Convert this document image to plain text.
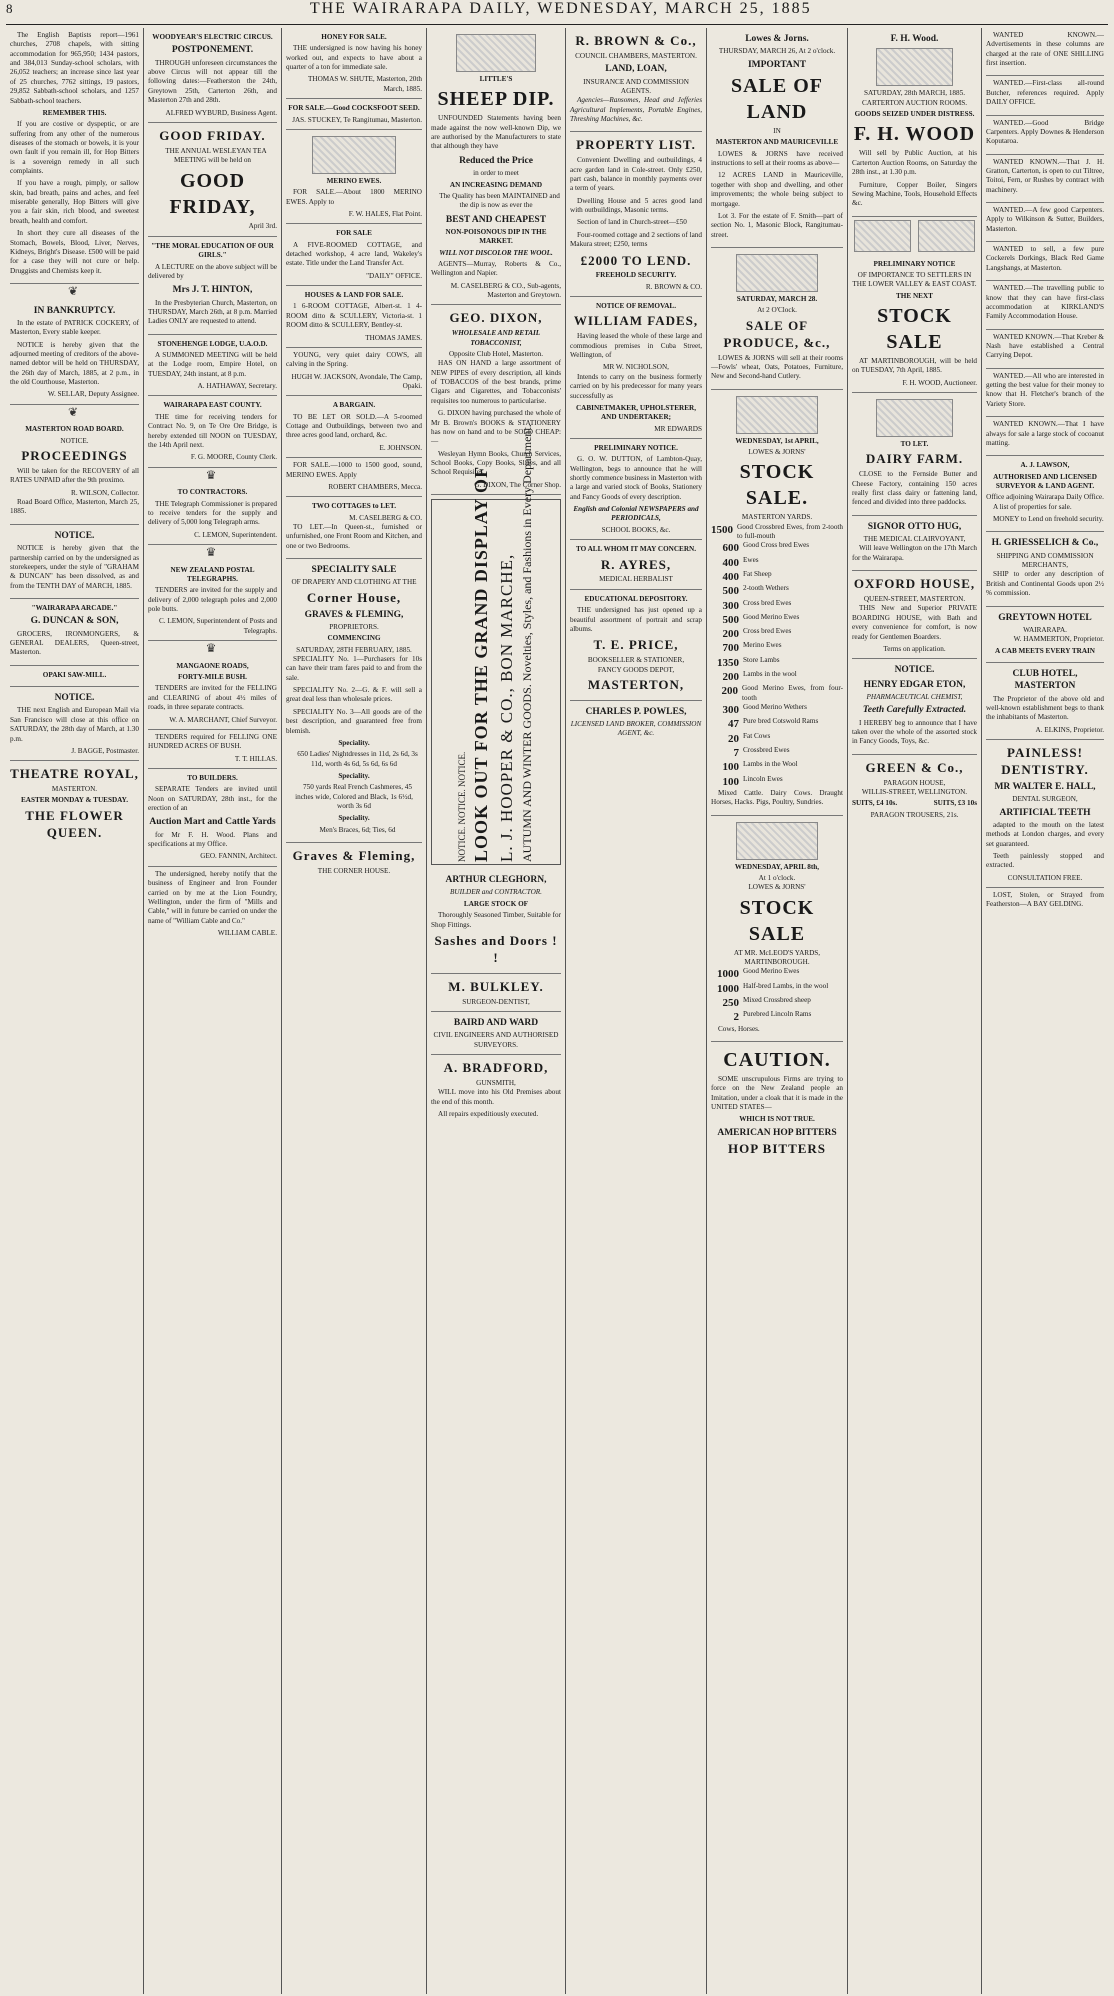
8	THE WAIRARAPA DAILY, WEDNESDAY, MARCH 25, 1885

The English Baptists report—1961 churches, 2708 chapels, with sitting accommodation for 965,950; 1434 pastors, and 384,013 Sunday-school scholars, with 26,052 teachers; an increase since last year of 25 churches, 7762 sittings, 19 pastors, 29,852 Sabbath-school scholars, and 1257 Sabbath-school teachers.

REMEMBER THIS.

If you are costive or dyspeptic, or are suffering from any other of the numerous diseases of the stomach or bowels, it is your own fault if you remain ill, for Hop Bitters is a sovereign remedy in all such complaints.

If you have a rough, pimply, or sallow skin, bad breath, pains and aches, and feel miserable generally, Hop Bitters will give you a fair skin, rich blood, and sweetest breath, health and comfort.

In short they cure all diseases of the Stomach, Bowels, Blood, Liver, Nerves, Kidneys, Bright's Disease. £500 will be paid for a case they will not cure or help. Druggists and Chemists keep it.

❦
IN BANKRUPTCY.

In the estate of PATRICK COCKERY, of Masterton, Every stable keeper.

NOTICE is hereby given that the adjourned meeting of creditors of the above-named debtor will be held on THURSDAY, the 26th day of March, 1885, at 2 p.m., in the old Courthouse, Masterton.

W. SELLAR, Deputy Assignee.
❦
MASTERTON ROAD BOARD.
NOTICE.
PROCEEDINGS

Will be taken for the RECOVERY of all RATES UNPAID after the 9th proximo.

R. WILSON, Collector.

Road Board Office, Masterton, March 25, 1885.

NOTICE.

NOTICE is hereby given that the partnership carried on by the undersigned as storekeepers, under the style of "GRAHAM & DUNCAN" has been dissolved, as and from the TENTH DAY of MARCH, 1885.

"WAIRARAPA ARCADE."
G. DUNCAN & SON,

GROCERS, IRONMONGERS, & GENERAL DEALERS, Queen-street, Masterton.

OPAKI SAW-MILL.
NOTICE.

THE next English and European Mail via San Francisco will close at this office on SATURDAY, the 28th day of March, at 1.30 p.m.

J. BAGGE, Postmaster.
THEATRE ROYAL,
MASTERTON.
EASTER MONDAY & TUESDAY.
THE FLOWER QUEEN.
WOODYEAR'S ELECTRIC CIRCUS.
POSTPONEMENT.

THROUGH unforeseen circumstances the above Circus will not appear till the following dates:—Featherston the 24th, Greytown 25th, Carterton 26th, and Masterton 27th and 28th.

ALFRED WYBURD, Business Agent.
GOOD FRIDAY.

THE ANNUAL WESLEYAN TEA MEETING will be held on

GOOD FRIDAY,
April 3rd.
"THE MORAL EDUCATION OF OUR GIRLS."

A LECTURE on the above subject will be delivered by

Mrs J. T. HINTON,

In the Presbyterian Church, Masterton, on THURSDAY, March 26th, at 8 p.m. Married Ladies ONLY are requested to attend.

STONEHENGE LODGE, U.A.O.D.

A SUMMONED MEETING will be held at the Lodge room, Empire Hotel, on TUESDAY, 24th instant, at 8 p.m.

A. HATHAWAY, Secretary.
WAIRARAPA EAST COUNTY.

THE time for receiving tenders for Contract No. 9, on Te Ore Ore Bridge, is hereby extended till NOON on TUESDAY, the 14th April next.

F. G. MOORE, County Clerk.
♛
TO CONTRACTORS.

THE Telegraph Commissioner is prepared to receive tenders for the supply and delivery of 5,000 long Telegraph arms.

C. LEMON, Superintendent.
♛
NEW ZEALAND POSTAL TELEGRAPHS.

TENDERS are invited for the supply and delivery of 2,000 telegraph poles and 2,000 pole butts.

C. LEMON, Superintendent of Posts and Telegraphs.
♛
MANGAONE ROADS,
FORTY-MILE BUSH.

TENDERS are invited for the FELLING and CLEARING of about 4½ miles of roads, in three separate contracts.

W. A. MARCHANT, Chief Surveyor.

TENDERS required for FELLING ONE HUNDRED ACRES OF BUSH.

T. T. HILLAS.
TO BUILDERS.

SEPARATE Tenders are invited until Noon on SATURDAY, 28th inst., for the erection of an

Auction Mart and Cattle Yards

for Mr F. H. Wood. Plans and specifications at my Office.

GEO. FANNIN, Architect.

The undersigned, hereby notify that the business of Engineer and Iron Founder carried on by me at the Lion Foundry, Wellington, under the firm of "Mills and Cable," will in future be carried on under the name of "William Cable and Co."

WILLIAM CABLE.
HONEY FOR SALE.

THE undersigned is now having his honey worked out, and expects to have about a quarter of a ton for immediate sale.

THOMAS W. SHUTE, Masterton, 20th March, 1885.
FOR SALE.—Good COCKSFOOT SEED.
JAS. STUCKEY, Te Rangitumau, Masterton.
MERINO EWES.

FOR SALE.—About 1800 MERINO EWES. Apply to

F. W. HALES, Flat Point.
FOR SALE

A FIVE-ROOMED COTTAGE, and detached workshop, 4 acre land, Wakeley's estate. Title under the Land Transfer Act.

"DAILY" OFFICE.
HOUSES & LAND FOR SALE.

1 6-ROOM COTTAGE, Albert-st. 1 4-ROOM ditto & SCULLERY, Victoria-st. 1 ROOM ditto & SCULLERY, Bentley-st.

THOMAS JAMES.

YOUNG, very quiet dairy COWS, all calving in the Spring.

HUGH W. JACKSON, Avondale, The Camp, Opaki.
A BARGAIN.

TO BE LET OR SOLD.—A 5-roomed Cottage and Outbuildings, between two and three acres good land, orchard, &c.

E. JOHNSON.

FOR SALE.—1000 to 1500 good, sound, MERINO EWES. Apply

ROBERT CHAMBERS, Mecca.
TWO COTTAGES to LET.
M. CASELBERG & CO.

TO LET.—In Queen-st., furnished or unfurnished, one Front Room and Kitchen, and one or two Bedrooms.

SPECIALITY SALE
OF DRAPERY AND CLOTHING AT THE
Corner House,
GRAVES & FLEMING,
PROPRIETORS.
COMMENCING
SATURDAY, 28TH FEBRUARY, 1885.

SPECIALITY No. 1—Purchasers for 10s can have their tram fares paid to and from the sale.

SPECIALITY No. 2—G. & F. will sell a great deal less than wholesale prices.

SPECIALITY No. 3—All goods are of the best description, and guaranteed free from blemish.

Speciality.

650 Ladies' Nightdresses in 11d, 2s 6d, 3s 11d, worth 4s 6d, 5s 6d, 6s 6d

Speciality.

750 yards Real French Cashmeres, 45 inches wide, Colored and Black, 1s 6½d, worth 3s 6d

Speciality.

Men's Braces, 6d; Ties, 6d

Graves & Fleming,
THE CORNER HOUSE.
LITTLE'S
SHEEP DIP.

UNFOUNDED Statements having been made against the now well-known Dip, we are authorised by the Manufacturers to state that although they have

Reduced the Price
in order to meet
AN INCREASING DEMAND

The Quality has been MAINTAINED and the dip is now as ever the

BEST AND CHEAPEST
NON-POISONOUS DIP IN THE MARKET.
WILL NOT DISCOLOR THE WOOL.

AGENTS—Murray, Roberts & Co., Wellington and Napier.

M. CASELBERG & CO., Sub-agents, Masterton and Greytown.
GEO. DIXON,
WHOLESALE AND RETAIL TOBACCONIST,
Opposite Club Hotel, Masterton.

HAS ON HAND a large assortment of NEW PIPES of every description, all kinds of TOBACCOS of the best brands, prime Cigars and Cigarettes, and Tobacconists' requisites too numerous to particularise.

G. DIXON having purchased the whole of Mr B. Brown's BOOKS & STATIONERY has now on hand and to be SOLD CHEAP:—

Wesleyan Hymn Books, Church Services, School Books, Copy Books, Slates, and all School Requisites.

G. DIXON, The Corner Shop.
NOTICE. NOTICE. NOTICE. LOOK OUT FOR THE GRAND DISPLAY OF L. J. HOOPER & CO., BON MARCHE, AUTUMN AND WINTER GOODS. Novelties, Styles, and Fashions in Every Department.
ARTHUR CLEGHORN,
BUILDER and CONTRACTOR.
LARGE STOCK OF

Thoroughly Seasoned Timber, Suitable for Shop Fittings.

Sashes and Doors ! !
M. BULKLEY.
SURGEON-DENTIST,
BAIRD AND WARD
CIVIL ENGINEERS AND AUTHORISED SURVEYORS.
A. BRADFORD,
GUNSMITH,

WILL move into his Old Premises about the end of this month.

All repairs expeditiously executed.

R. BROWN & Co.,
COUNCIL CHAMBERS, MASTERTON.
LAND, LOAN,
INSURANCE AND COMMISSION AGENTS.

Agencies—Ransomes, Head and Jefferies Agricultural Implements, Portable Engines, Threshing Machines, &c.

PROPERTY LIST.

Convenient Dwelling and outbuildings, 4 acre garden land in Cole-street. Only £250, part cash, balance in monthly payments over a term of years.

Dwelling House and 5 acres good land with outbuildings, Masonic terms.

Section of land in Church-street—£50

Four-roomed cottage and 2 sections of land Makura street; £250, terms

£2000 TO LEND.
FREEHOLD SECURITY.
R. BROWN & CO.
NOTICE OF REMOVAL.
WILLIAM FADES,

Having leased the whole of these large and commodious premises in Cuba Street, Wellington, of

MR W. NICHOLSON,

Intends to carry on the business formerly carried on by his predecessor for many years successfully as

CABINETMAKER, UPHOLSTERER, AND UNDERTAKER;
MR EDWARDS
PRELIMINARY NOTICE.

G. O. W. DUTTON, of Lambton-Quay, Wellington, begs to announce that he will shortly commence business in Masterton with a large and varied stock of Books, Stationery and Fancy Goods of every description.

English and Colonial NEWSPAPERS and PERIODICALS,
SCHOOL BOOKS, &c.
TO ALL WHOM IT MAY CONCERN.
R. AYRES,
MEDICAL HERBALIST
EDUCATIONAL DEPOSITORY.

THE undersigned has just opened up a beautiful assortment of portrait and scrap albums.

T. E. PRICE,
BOOKSELLER & STATIONER,
FANCY GOODS DEPOT,
MASTERTON,
CHARLES P. POWLES,
LICENSED LAND BROKER, COMMISSION AGENT, &c.
Lowes & Jorns.
THURSDAY, MARCH 26, At 2 o'clock.
IMPORTANT
SALE OF LAND
IN
MASTERTON AND MAURICEVILLE

LOWES & JORNS have received instructions to sell at their rooms as above—

12 ACRES LAND in Mauriceville, together with shop and dwelling, and other improvements; the whole being subject to mortgage.

Lot 3. For the estate of F. Smith—part of section No. 1, Masonic Block, Rangitumau-street.

SATURDAY, MARCH 28.
At 2 O'Clock.
SALE OF PRODUCE, &c.,

LOWES & JORNS will sell at their rooms—Fowls' wheat, Oats, Potatoes, Furniture, New and Second-hand Cutlery.

WEDNESDAY, 1st APRIL,
LOWES & JORNS'
STOCK SALE.
MASTERTON YARDS.
1500 Good Crossbred Ewes, from 2-tooth to full-mouth
600 Good Cross bred Ewes
400 Ewes
400 Fat Sheep
500 2-tooth Wethers
300 Cross bred Ewes
500 Good Merino Ewes
200 Cross bred Ewes
700 Merino Ewes
1350 Store Lambs
200 Lambs in the wool
200 Good Merino Ewes, from four-tooth
300 Good Merino Wethers
47 Pure bred Cotswold Rams
20 Fat Cows
7 Crossbred Ewes
100 Lambs in the Wool
100 Lincoln Ewes

Mixed Cattle. Dairy Cows. Draught Horses, Hacks. Pigs, Poultry, Sundries.

WEDNESDAY, APRIL 8th,
At 1 o'clock.
LOWES & JORNS'
STOCK SALE
AT MR. McLEOD'S YARDS, MARTINBOROUGH.
1000 Good Merino Ewes
1000 Half-bred Lambs, in the wool
250 Mixed Crossbred sheep
2 Purebred Lincoln Rams

Cows, Horses.

CAUTION.

SOME unscrupulous Firms are trying to force on the New Zealand people an Imitation, under a cloak that it is made in the UNITED STATES—

WHICH IS NOT TRUE.
AMERICAN HOP BITTERS
HOP BITTERS
F. H. Wood.
SATURDAY, 28th MARCH, 1885. CARTERTON AUCTION ROOMS.
GOODS SEIZED UNDER DISTRESS.
F. H. WOOD

Will sell by Public Auction, at his Carterton Auction Rooms, on Saturday the 28th inst., at 1.30 p.m.

Furniture, Copper Boiler, Singers Sewing Machine, Tools, Household Effects &c.

PRELIMINARY NOTICE
OF IMPORTANCE TO SETTLERS IN THE LOWER VALLEY & EAST COAST.
THE NEXT
STOCK SALE

AT MARTINBOROUGH, will be held on TUESDAY, 7th April, 1885.

F. H. WOOD, Auctioneer.
TO LET.
DAIRY FARM.

CLOSE to the Fernside Butter and Cheese Factory, containing 150 acres really first class dairy or fattening land, fenced and divided into three paddocks.

SIGNOR OTTO HUG,
THE MEDICAL CLAIRVOYANT,

Will leave Wellington on the 17th March for the Wairarapa.

OXFORD HOUSE,
QUEEN-STREET, MASTERTON.

THIS New and Superior PRIVATE BOARDING HOUSE, with Bath and every convenience for comfort, is now ready for Gentlemen Boarders.

Terms on application.
NOTICE.
HENRY EDGAR ETON,
PHARMACEUTICAL CHEMIST,
Teeth Carefully Extracted.

I HEREBY beg to announce that I have taken over the whole of the assorted stock in Fancy Goods, Toys, &c.

GREEN & Co.,
PARAGON HOUSE,
WILLIS-STREET, WELLINGTON.
SUITS, £4 10s.	SUITS, £3 10s
PARAGON TROUSERS, 21s.

WANTED KNOWN.—Advertisements in these columns are charged at the rate of ONE SHILLING first insertion.

WANTED.—First-class all-round Butcher, references required. Apply DAILY OFFICE.

WANTED.—Good Bridge Carpenters. Apply Downes & Henderson Koputaroa.

WANTED KNOWN.—That J. H. Gratton, Carterton, is open to cut Tiltree, Toitoi, Fern, or Rushes by contract with machinery.

WANTED.—A few good Carpenters. Apply to Wilkinson & Sutter, Builders, Masterton.

WANTED to sell, a few pure Cockerels Dorkings, Black Red Game Langshangs, at Masterton.

WANTED.—The travelling public to know that they can have first-class accommodation at KIRKLAND'S Family Accommodation House.

WANTED KNOWN.—That Kreber & Nash have established a Central Carrying Depot.

WANTED.—All who are interested in getting the best value for their money to know that H. Fletcher's branch of the Variety Store.

WANTED KNOWN.—That I have always for sale a large stock of cocoanut matting.

A. J. LAWSON,
AUTHORISED AND LICENSED SURVEYOR & LAND AGENT.
Office adjoining Wairarapa Daily Office.

A list of properties for sale.

MONEY to Lend on freehold security.

H. GRIESSELICH & Co.,
SHIPPING AND COMMISSION MERCHANTS,

SHIP to order any description of British and Continental Goods upon 2½ % commission.

GREYTOWN HOTEL
WAIRARAPA.
W. HAMMERTON, Proprietor.
A CAB MEETS EVERY TRAIN
CLUB HOTEL, MASTERTON

The Proprietor of the above old and well-known establishment begs to thank the inhabitants of Masterton.

A. ELKINS, Proprietor.
PAINLESS! DENTISTRY.
MR WALTER E. HALL,
DENTAL SURGEON,
ARTIFICIAL TEETH

adapted to the mouth on the latest methods at London charges, and every set guaranteed.

Teeth painlessly stopped and extracted.

CONSULTATION FREE.

LOST, Stolen, or Strayed from Featherston—A BAY GELDING.
